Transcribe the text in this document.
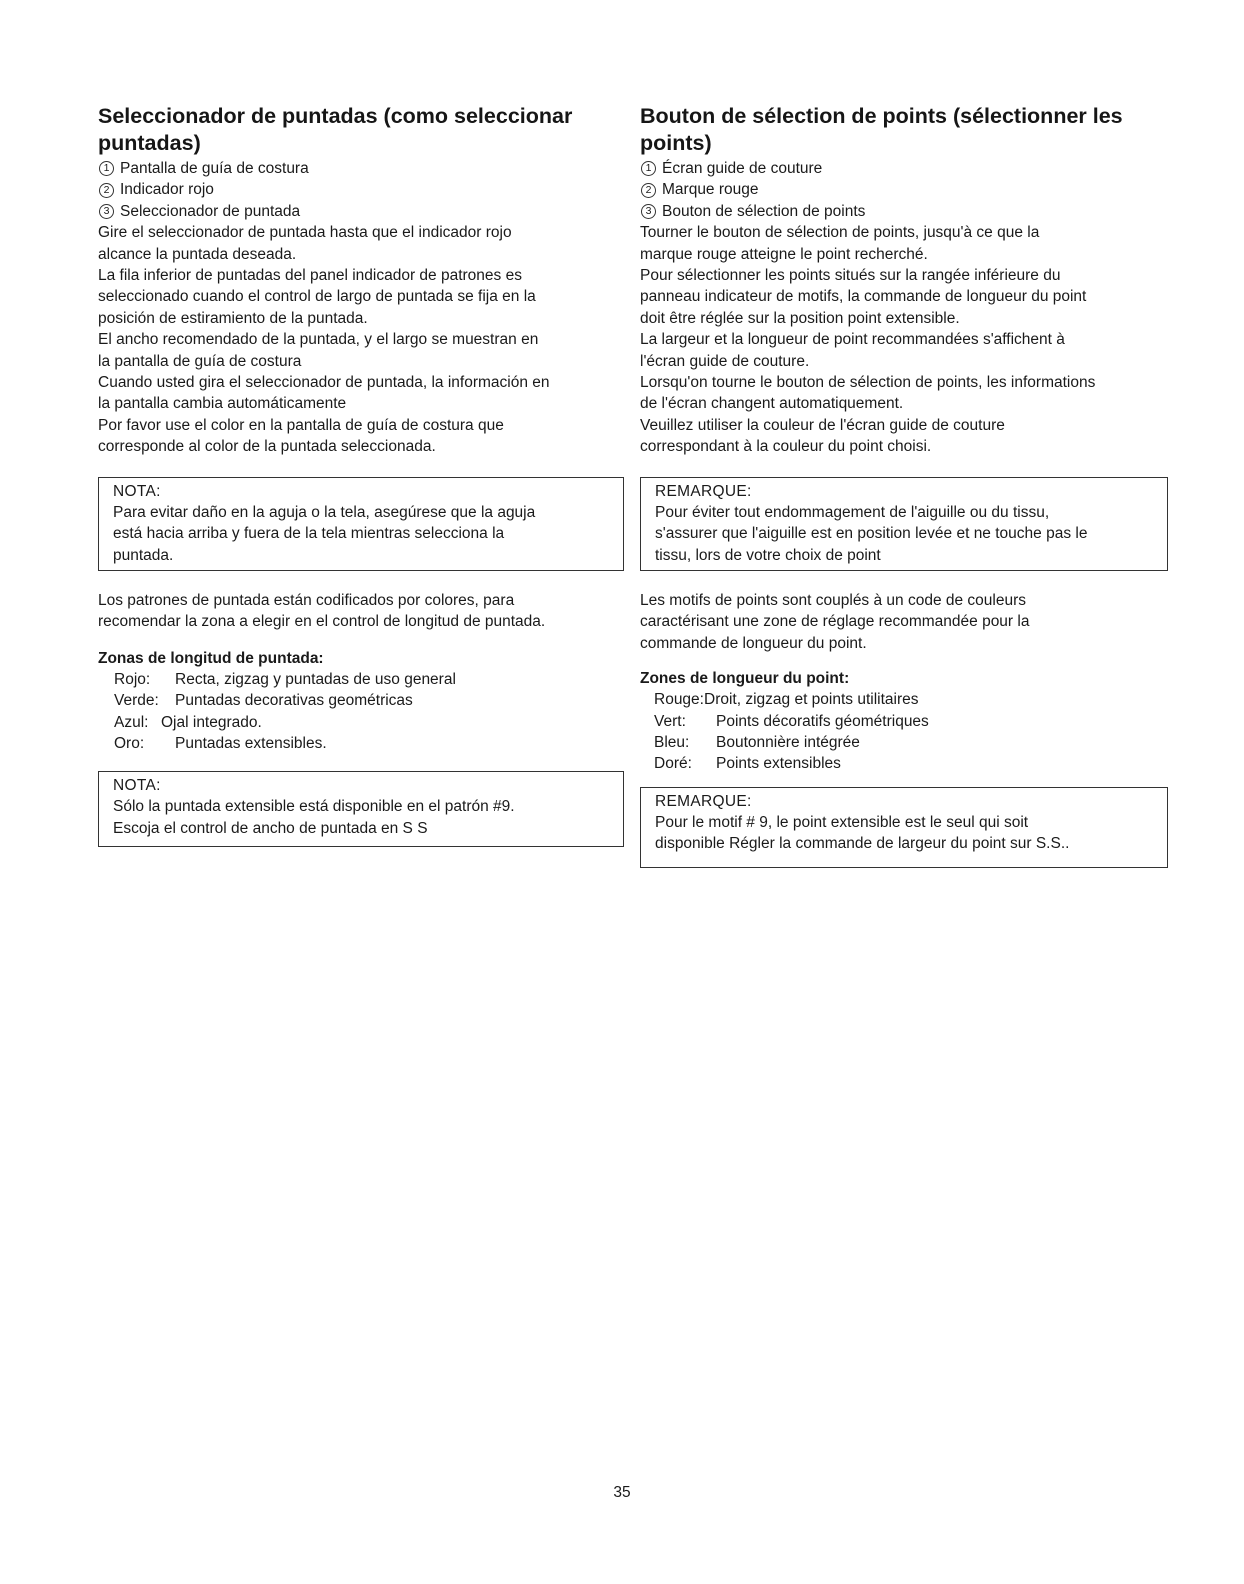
Seleccionador de puntadas (como seleccionar
puntadas)
1 Pantalla de guía de costura
2 Indicador rojo
3 Seleccionador de puntada
Gire el seleccionador de puntada hasta que el indicador rojo
alcance la puntada deseada.
La fila inferior de puntadas del panel indicador de patrones es
seleccionado cuando el control de largo de puntada se fija en la
posición de estiramiento de la puntada.
El ancho recomendado de la puntada, y el largo se muestran en
la pantalla de guía de costura
Cuando usted gira el seleccionador de puntada, la información en
la pantalla cambia automáticamente
Por favor use el color en la pantalla de guía de costura que
corresponde al color de la puntada seleccionada.
NOTA:
Para evitar daño en la aguja o la tela, asegúrese que la aguja
está hacia arriba y fuera de la tela mientras selecciona la
puntada.
Los patrones de puntada están codificados por colores, para
recomendar la zona a elegir en el control de longitud de puntada.
Zonas de longitud de puntada:
Rojo:	Recta, zigzag y puntadas de uso general
Verde:	Puntadas decorativas geométricas
Azul: Ojal integrado.
Oro:	Puntadas extensibles.
NOTA:
Sólo la puntada extensible está disponible en el patrón #9.
Escoja el control de ancho de puntada en S S
Bouton de sélection de points (sélectionner les
points)
1 Écran guide de couture
2 Marque rouge
3 Bouton de sélection de points
Tourner le bouton de sélection de points, jusqu'à ce que la
marque rouge atteigne le point recherché.
Pour sélectionner les points situés sur la rangée inférieure du
panneau indicateur de motifs, la commande de longueur du point
doit être réglée sur la position point extensible.
La largeur et la longueur de point recommandées s'affichent à
l'écran guide de couture.
Lorsqu'on tourne le bouton de sélection de points, les informations
de l'écran changent automatiquement.
Veuillez utiliser la couleur de l'écran guide de couture
correspondant à la couleur du point choisi.
REMARQUE:
Pour éviter tout endommagement de l'aiguille ou du tissu,
s'assurer que l'aiguille est en position levée et ne touche pas le
tissu, lors de votre choix de point
Les motifs de points sont couplés à un code de couleurs
caractérisant une zone de réglage recommandée pour la
commande de longueur du point.
Zones de longueur du point:
Rouge: Droit, zigzag et points utilitaires
Vert:	Points décoratifs géométriques
Bleu:	Boutonnière intégrée
Doré:	Points extensibles
REMARQUE:
Pour le motif # 9, le point extensible est le seul qui soit
disponible Régler la commande de largeur du point sur S.S..
35
